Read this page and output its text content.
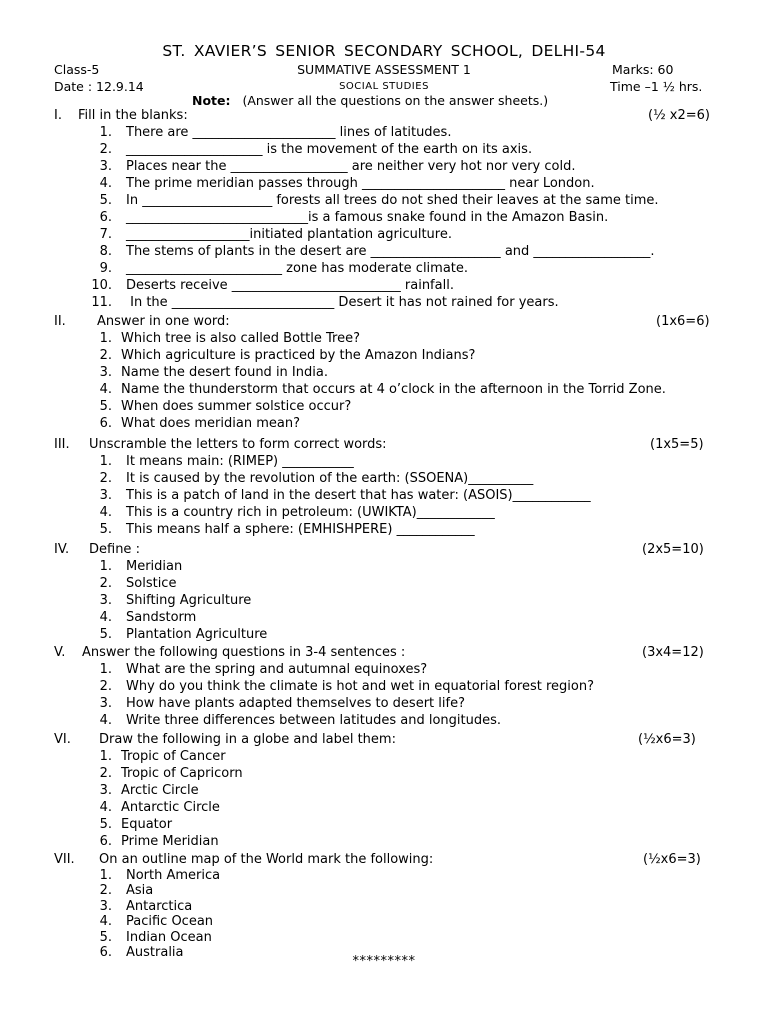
ST. XAVIER’S SENIOR SECONDARY SCHOOL, DELHI-54
Class-5	SUMMATIVE ASSESSMENT 1	Marks: 60
Date : 12.9.14	SOCIAL STUDIES	Time –1 ½ hrs.
Note: (Answer all the questions on the answer sheets.)
I. Fill in the blanks:	(½ x2=6)
1. There are ______________________ lines of latitudes.
2. _____________________ is the movement of the earth on its axis.
3. Places near the __________________ are neither very hot nor very cold.
4. The prime meridian passes through ______________________ near London.
5. In ____________________ forests all trees do not shed their leaves at the same time.
6. ____________________________is a famous snake found in the Amazon Basin.
7. ___________________initiated plantation agriculture.
8. The stems of plants in the desert are ____________________ and __________________.
9. ________________________ zone has moderate climate.
10. Deserts receive __________________________ rainfall.
11. In the _________________________ Desert it has not rained for years.
II. Answer in one word:	(1x6=6)
1. Which tree is also called Bottle Tree?
2. Which agriculture is practiced by the Amazon Indians?
3. Name the desert found in India.
4. Name the thunderstorm that occurs at 4 o’clock in the afternoon in the Torrid Zone.
5. When does summer solstice occur?
6. What does meridian mean?
III. Unscramble the letters to form correct words:	(1x5=5)
1. It means main: (RIMEP) ___________
2. It is caused by the revolution of the earth: (SSOENA)__________
3. This is a patch of land in the desert that has water: (ASOIS)____________
4. This is a country rich in petroleum: (UWIKTA)____________
5. This means half a sphere: (EMHISHPERE) ____________
IV. Define :	(2x5=10)
1. Meridian
2. Solstice
3. Shifting Agriculture
4. Sandstorm
5. Plantation Agriculture
V. Answer the following questions in 3-4 sentences :	(3x4=12)
1. What are the spring and autumnal equinoxes?
2. Why do you think the climate is hot and wet in equatorial forest region?
3. How have plants adapted themselves to desert life?
4. Write three differences between latitudes and longitudes.
VI. Draw the following in a globe and label them:	(½x6=3)
1. Tropic of Cancer
2. Tropic of Capricorn
3. Arctic Circle
4. Antarctic Circle
5. Equator
6. Prime Meridian
VII. On an outline map of the World mark the following:	(½x6=3)
1. North America
2. Asia
3. Antarctica
4. Pacific Ocean
5. Indian Ocean
6. Australia
*********
